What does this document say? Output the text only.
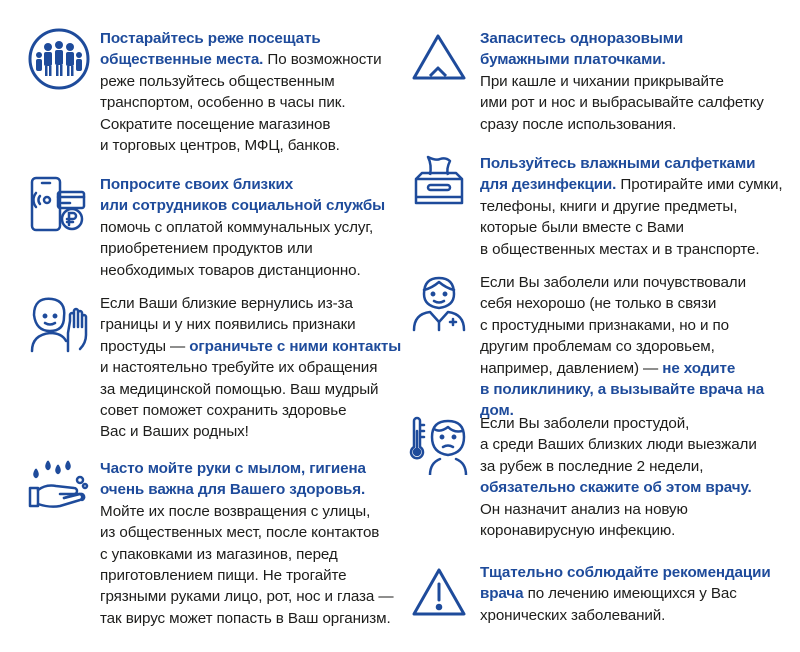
Постарайтесь реже посещать
общественные места. По возможности
реже пользуйтесь общественным
транспортом, особенно в часы пик.
Сократите посещение магазинов
и торговых центров, МФЦ, банков.
Попросите своих близких
или сотрудников социальной службы
помочь с оплатой коммунальных услуг,
приобретением продуктов или
необходимых товаров дистанционно.
Если Ваши близкие вернулись из-за
границы и у них появились признаки
простуды — ограничьте с ними контакты
и настоятельно требуйте их обращения
за медицинской помощью. Ваш мудрый
совет поможет сохранить здоровье
Вас и Ваших родных!
Часто мойте руки с мылом, гигиена
очень важна для Вашего здоровья.
Мойте их после возвращения с улицы,
из общественных мест, после контактов
с упаковками из магазинов, перед
приготовлением пищи. Не трогайте
грязными руками лицо, рот, нос и глаза —
так вирус может попасть в Ваш организм.
Запаситесь одноразовыми
бумажными платочками.
При кашле и чихании прикрывайте
ими рот и нос и выбрасывайте салфетку
сразу после использования.
Пользуйтесь влажными салфетками
для дезинфекции. Протирайте ими сумки,
телефоны, книги и другие предметы,
которые были вместе с Вами
в общественных местах и в транспорте.
Если Вы заболели или почувствовали
себя нехорошо (не только в связи
с простудными признаками, но и по
другим проблемам со здоровьем,
например, давлением) — не ходите
в поликлинику, а вызывайте врача на дом.
Если Вы заболели простудой,
а среди Ваших близких люди выезжали
за рубеж в последние 2 недели,
обязательно скажите об этом врачу.
Он назначит анализ на новую
коронавирусную инфекцию.
Тщательно соблюдайте рекомендации
врача по лечению имеющихся у Вас
хронических заболеваний.
